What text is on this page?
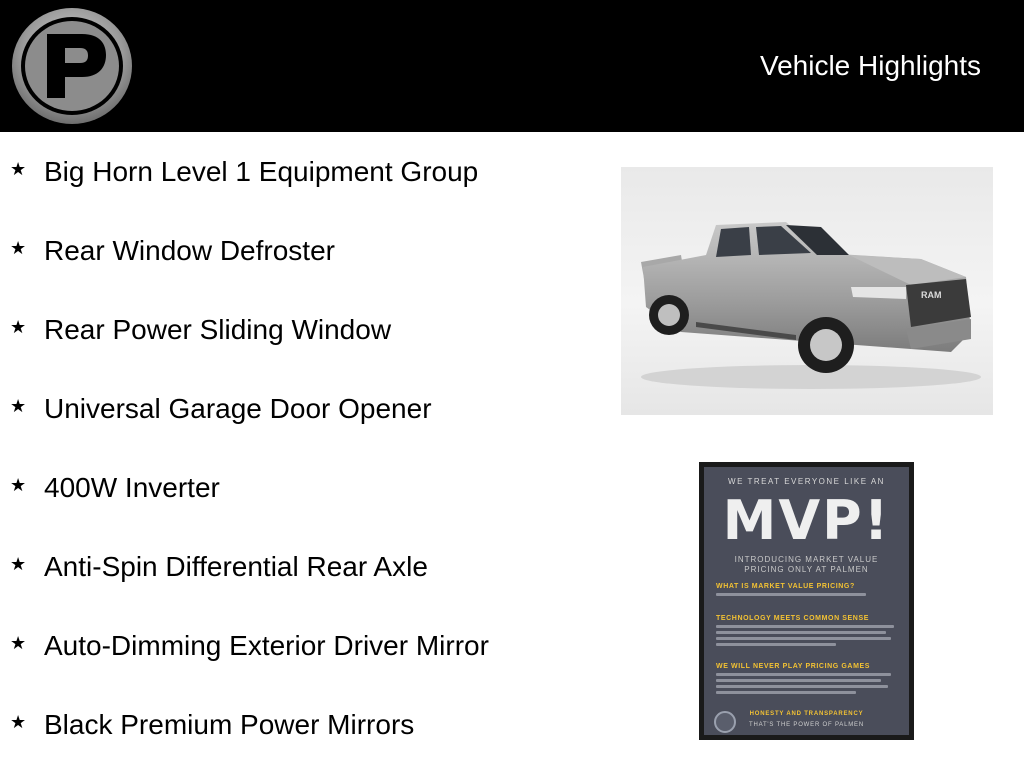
Vehicle Highlights
★ Big Horn Level 1 Equipment Group
★ Rear Window Defroster
★ Rear Power Sliding Window
★ Universal Garage Door Opener
★ 400W Inverter
★ Anti-Spin Differential Rear Axle
★ Auto-Dimming Exterior Driver Mirror
★ Black Premium Power Mirrors
RAM
WE TREAT EVERYONE LIKE AN
MVP!
INTRODUCING MARKET VALUE
PRICING ONLY AT PALMEN
WHAT IS MARKET VALUE PRICING?
TECHNOLOGY MEETS COMMON SENSE
WE WILL NEVER PLAY PRICING GAMES
HONESTY AND TRANSPARENCY
THAT'S THE POWER OF PALMEN
